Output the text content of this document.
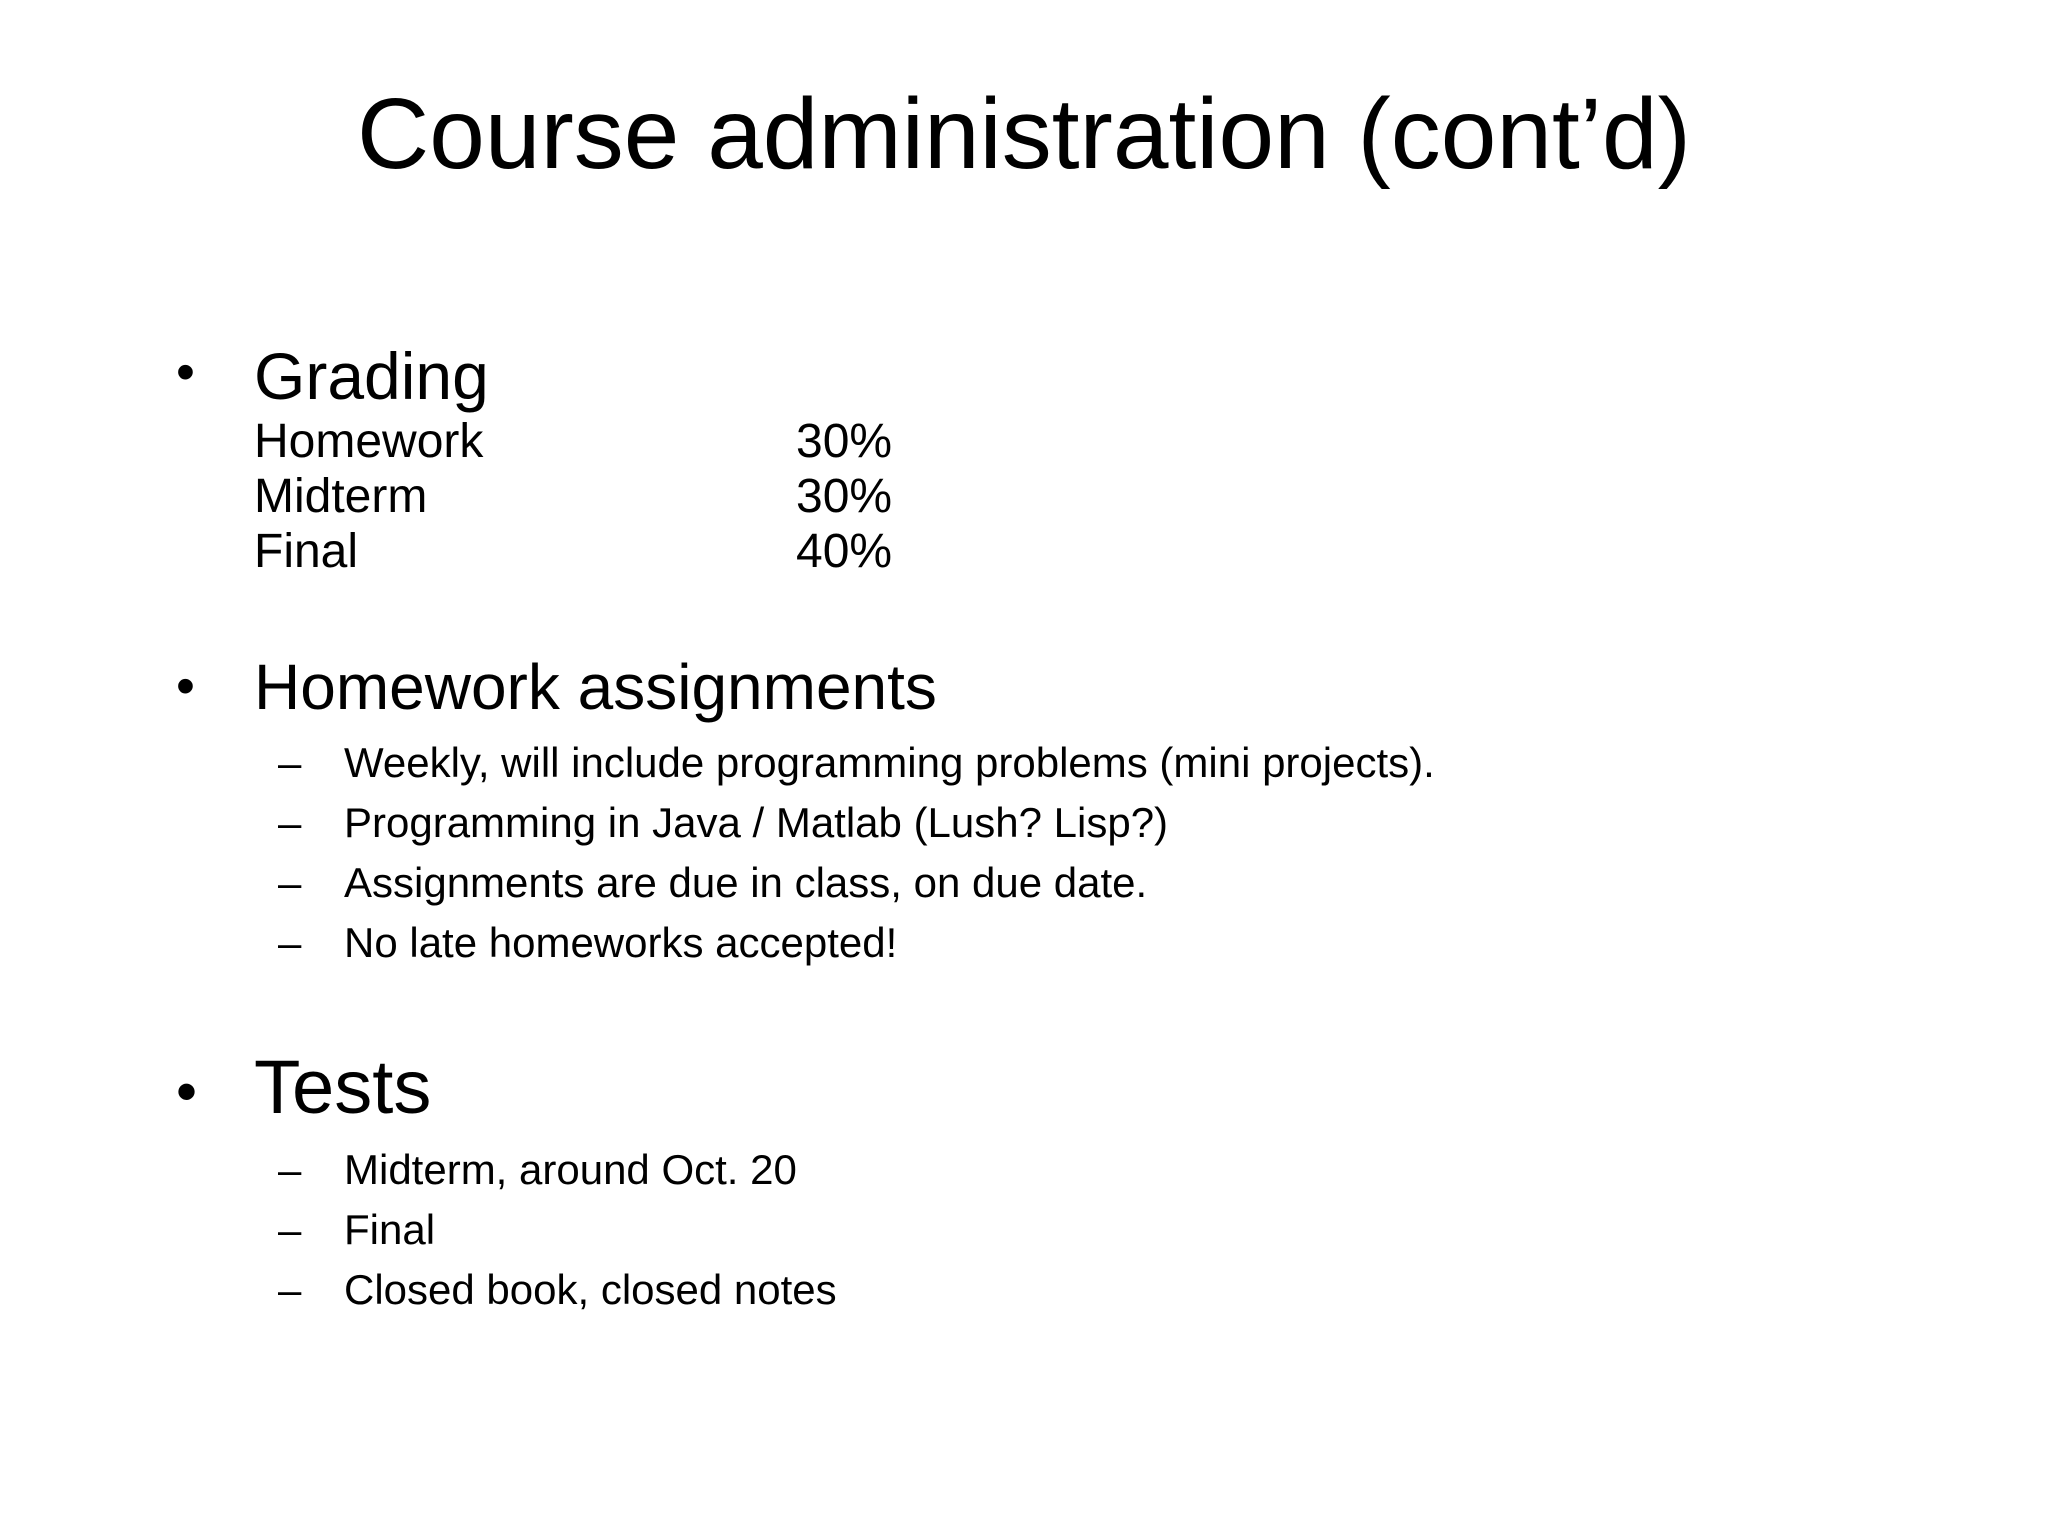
Course administration (cont’d)
• Grading
Homework	30%
Midterm	30%
Final	40%
• Homework assignments
– Weekly, will include programming problems (mini projects).
– Programming in Java / Matlab (Lush? Lisp?)
– Assignments are due in class, on due date.
– No late homeworks accepted!
• Tests
– Midterm, around Oct. 20
– Final
– Closed book, closed notes
